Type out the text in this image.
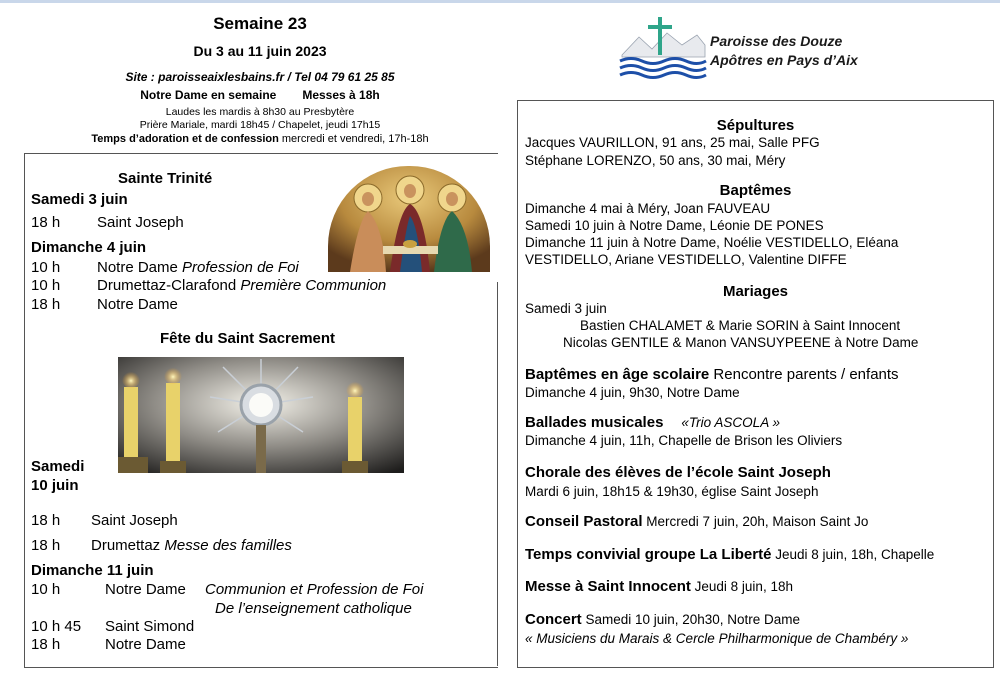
Semaine 23
Du 3 au 11 juin 2023
Site : paroisseaixlesbains.fr / Tel 04 79 61 25 85
Notre Dame en semaine Messes à 18h
Laudes les mardis à 8h30 au Presbytère
Prière Mariale, mardi 18h45 / Chapelet, jeudi 17h15
Temps d’adoration et de confession mercredi et vendredi, 17h-18h
Paroisse des Douze
Apôtres en Pays d’Aix
Sainte Trinité
Samedi 3 juin
18 h Saint Joseph
Dimanche 4 juin
10 h Notre Dame Profession de Foi
10 h Drumettaz-Clarafond Première Communion
18 h Notre Dame
Fête du Saint Sacrement
Samedi
10 juin
18 h Saint Joseph
18 h Drumettaz Messe des familles
Dimanche 11 juin
10 h	Notre Dame Communion et Profession de Foi
De l’enseignement catholique
10 h 45 Saint Simond
18 h	Notre Dame
Sépultures
Jacques VAURILLON, 91 ans, 25 mai, Salle PFG
Stéphane LORENZO, 50 ans, 30 mai, Méry
Baptêmes
Dimanche 4 mai à Méry, Joan FAUVEAU
Samedi 10 juin à Notre Dame, Léonie DE PONES
Dimanche 11 juin à Notre Dame, Noélie VESTIDELLO, Eléana
VESTIDELLO, Ariane VESTIDELLO, Valentine DIFFE
Mariages
Samedi 3 juin
Bastien CHALAMET & Marie SORIN à Saint Innocent
Nicolas GENTILE & Manon VANSUYPEENE à Notre Dame
Baptêmes en âge scolaire Rencontre parents / enfants
Dimanche 4 juin, 9h30, Notre Dame
Ballades musicales «Trio ASCOLA »
Dimanche 4 juin, 11h, Chapelle de Brison les Oliviers
Chorale des élèves de l’école Saint Joseph
Mardi 6 juin, 18h15 & 19h30, église Saint Joseph
Conseil Pastoral Mercredi 7 juin, 20h, Maison Saint Jo
Temps convivial groupe La Liberté Jeudi 8 juin, 18h, Chapelle
Messe à Saint Innocent Jeudi 8 juin, 18h
Concert Samedi 10 juin, 20h30, Notre Dame
« Musiciens du Marais & Cercle Philharmonique de Chambéry »
